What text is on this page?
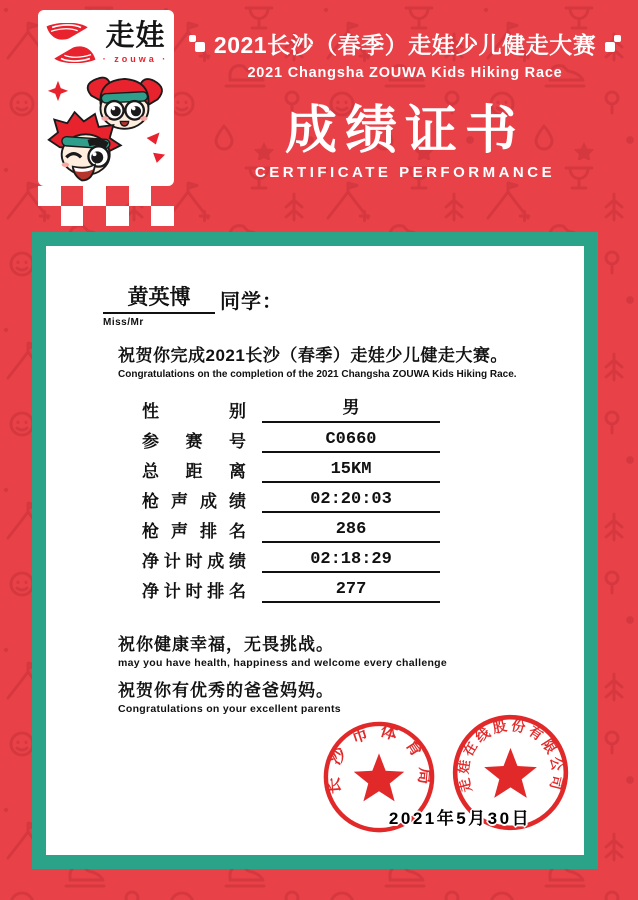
走娃
· zouwa ·
2021长沙（春季）走娃少儿健走大赛
2021 Changsha ZOUWA Kids Hiking Race
成绩证书
CERTIFICATE PERFORMANCE
黄英博	同学：
Miss/Mr
祝贺你完成2021长沙（春季）走娃少儿健走大赛。
Congratulations on the completion of the 2021 Changsha ZOUWA Kids Hiking Race.
性别	男
参赛号	C0660
总距离	15KM
枪声成绩	02:20:03
枪声排名	286
净计时成绩	02:18:29
净计时排名	277
祝你健康幸福，无畏挑战。
may you have health, happiness and welcome every challenge
祝贺你有优秀的爸爸妈妈。
Congratulations on your excellent parents
长沙市体育局 走娃在线股份有限公司
2021年5月30日
